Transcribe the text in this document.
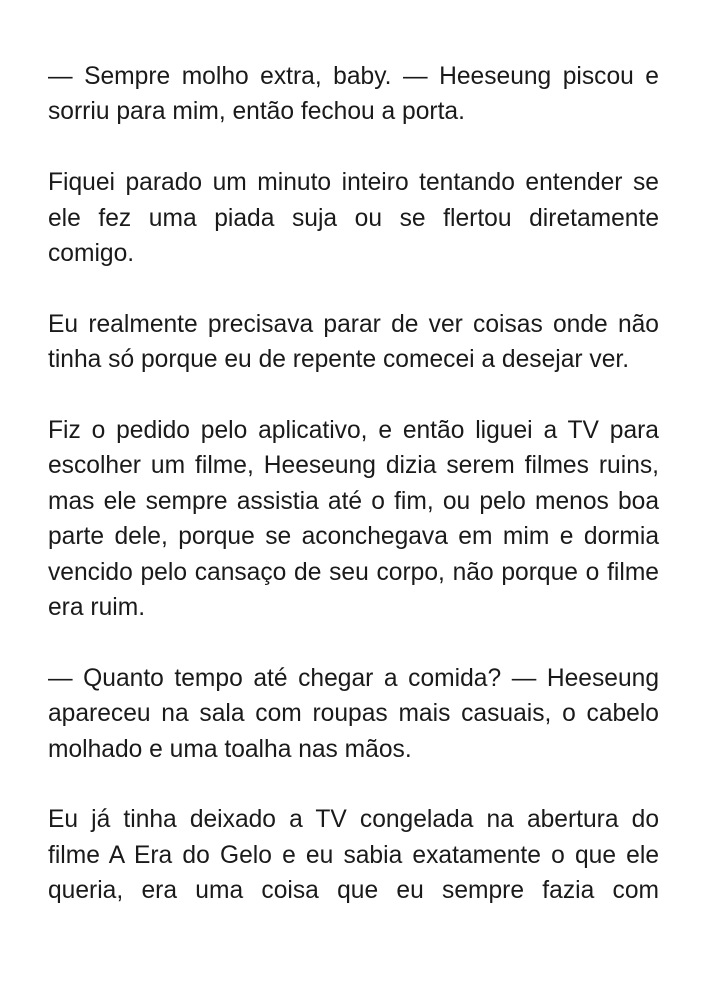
— Sempre molho extra, baby. — Heeseung piscou e sorriu para mim, então fechou a porta.

Fiquei parado um minuto inteiro tentando entender se ele fez uma piada suja ou se flertou diretamente comigo.

Eu realmente precisava parar de ver coisas onde não tinha só porque eu de repente comecei a desejar ver.

Fiz o pedido pelo aplicativo, e então liguei a TV para escolher um filme, Heeseung dizia serem filmes ruins, mas ele sempre assistia até o fim, ou pelo menos boa parte dele, porque se aconchegava em mim e dormia vencido pelo cansaço de seu corpo, não porque o filme era ruim.

— Quanto tempo até chegar a comida? — Heeseung apareceu na sala com roupas mais casuais, o cabelo molhado e uma toalha nas mãos.

Eu já tinha deixado a TV congelada na abertura do filme A Era do Gelo e eu sabia exatamente o que ele queria, era uma coisa que eu sempre fazia com
